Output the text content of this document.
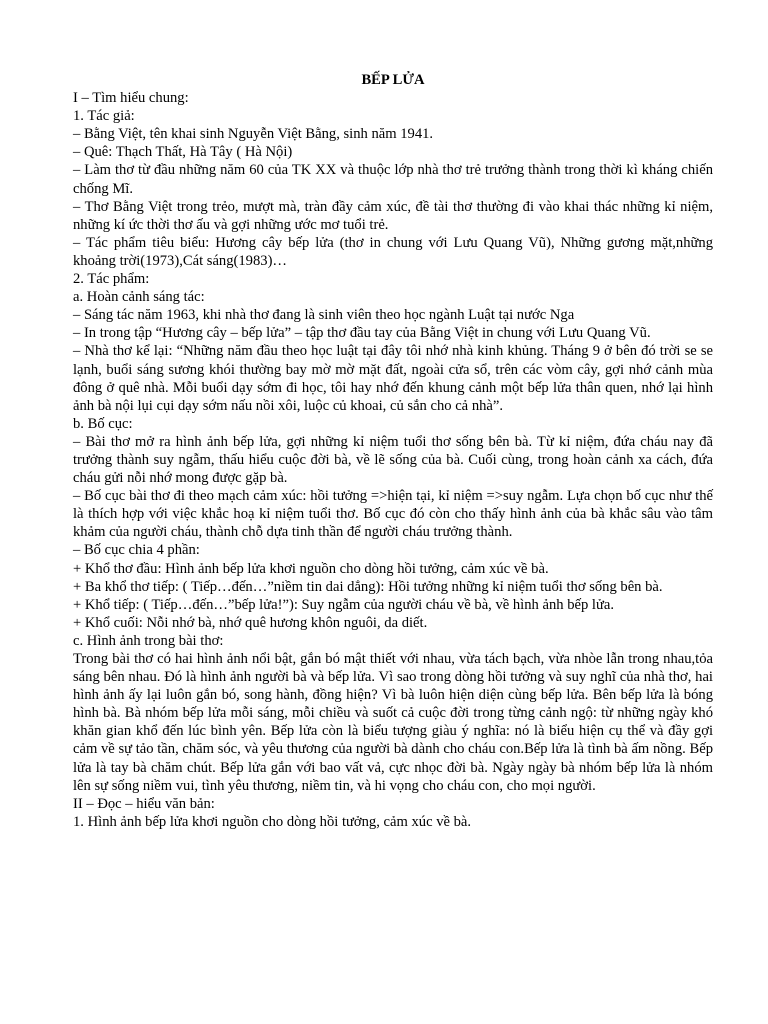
BẾP LỬA

I – Tìm hiểu chung:

1. Tác giả:

– Bằng Việt, tên khai sinh Nguyễn Việt Bằng, sinh năm 1941.

– Quê: Thạch Thất, Hà Tây ( Hà Nội)

– Làm thơ từ đầu những năm 60 của TK XX và thuộc lớp nhà thơ trẻ trưởng thành trong thời kì kháng chiến chống Mĩ.

– Thơ Bằng Việt trong trẻo, mượt mà, tràn đầy cảm xúc, đề tài thơ thường đi vào khai thác những kỉ niệm, những kí ức thời thơ ấu và gợi những ước mơ tuổi trẻ.

– Tác phẩm tiêu biểu: Hương cây bếp lửa (thơ in chung với Lưu Quang Vũ), Những gương mặt,những khoảng trời(1973),Cát sáng(1983)…

2. Tác phẩm:

a. Hoàn cảnh sáng tác:

– Sáng tác năm 1963, khi nhà thơ đang là sinh viên theo học ngành Luật tại nước Nga

– In trong tập “Hương cây – bếp lửa” – tập thơ đầu tay của Bằng Việt in chung với Lưu Quang Vũ.

– Nhà thơ kể lại: “Những năm đầu theo học luật tại đây tôi nhớ nhà kinh khủng. Tháng 9 ở bên đó trời se se lạnh, buổi sáng sương khói thường bay mờ mờ mặt đất, ngoài cửa sổ, trên các vòm cây, gợi nhớ cảnh mùa đông ở quê nhà. Mỗi buổi dạy sớm đi học, tôi hay nhớ đến khung cảnh một bếp lửa thân quen, nhớ lại hình ảnh bà nội lụi cụi dạy sớm nấu nồi xôi, luộc củ khoai, củ sắn cho cả nhà”.

b. Bố cục:

– Bài thơ mở ra hình ảnh bếp lửa, gợi những kỉ niệm tuổi thơ sống bên bà. Từ kỉ niệm, đứa cháu nay đã trưởng thành suy ngẫm, thấu hiểu cuộc đời bà, về lẽ sống của bà. Cuối cùng, trong hoàn cảnh xa cách, đứa cháu gửi nỗi nhớ mong được gặp bà.

– Bố cục bài thơ đi theo mạch cảm xúc: hồi tưởng =>hiện tại, kỉ niệm =>suy ngẫm. Lựa chọn bố cục như thế là thích hợp với việc khắc hoạ kỉ niệm tuổi thơ. Bố cục đó còn cho thấy hình ảnh của bà khắc sâu vào tâm khảm của người cháu, thành chỗ dựa tinh thần để người cháu trưởng thành.

– Bố cục chia 4 phần:

+ Khổ thơ đầu: Hình ảnh bếp lửa khơi nguồn cho dòng hồi tưởng, cảm xúc về bà.

+ Ba khổ thơ tiếp: ( Tiếp…đến…”niềm tin dai dẳng): Hồi tưởng những kỉ niệm tuổi thơ sống bên bà.

+ Khổ tiếp: ( Tiếp…đến…”bếp lửa!”): Suy ngẫm của người cháu về bà, về hình ảnh bếp lửa.

+ Khổ cuối: Nỗi nhớ bà, nhớ quê hương khôn nguôi, da diết.

c. Hình ảnh trong bài thơ:

Trong bài thơ có hai hình ảnh nổi bật, gắn bó mật thiết với nhau, vừa tách bạch, vừa nhòe lẫn trong nhau,tỏa sáng bên nhau. Đó là hình ảnh người bà và bếp lửa. Vì sao trong dòng hồi tưởng và suy nghĩ của nhà thơ, hai hình ảnh ấy lại luôn gắn bó, song hành, đồng hiện? Vì bà luôn hiện diện cùng bếp lửa. Bên bếp lửa là bóng hình bà. Bà nhóm bếp lửa mỗi sáng, mỗi chiều và suốt cả cuộc đời trong từng cảnh ngộ: từ những ngày khó khăn gian khổ đến lúc bình yên. Bếp lửa còn là biểu tượng giàu ý nghĩa: nó là biểu hiện cụ thể và đầy gợi cảm về sự tảo tần, chăm sóc, và yêu thương của người bà dành cho cháu con.Bếp lửa là tình bà ấm nồng. Bếp lửa là tay bà chăm chút. Bếp lửa gắn với bao vất vả, cực nhọc đời bà. Ngày ngày bà nhóm bếp lửa là nhóm lên sự sống niềm vui, tình yêu thương, niềm tin, và hi vọng cho cháu con, cho mọi người.

II – Đọc – hiểu văn bản:

1. Hình ảnh bếp lửa khơi nguồn cho dòng hồi tưởng, cảm xúc về bà.
